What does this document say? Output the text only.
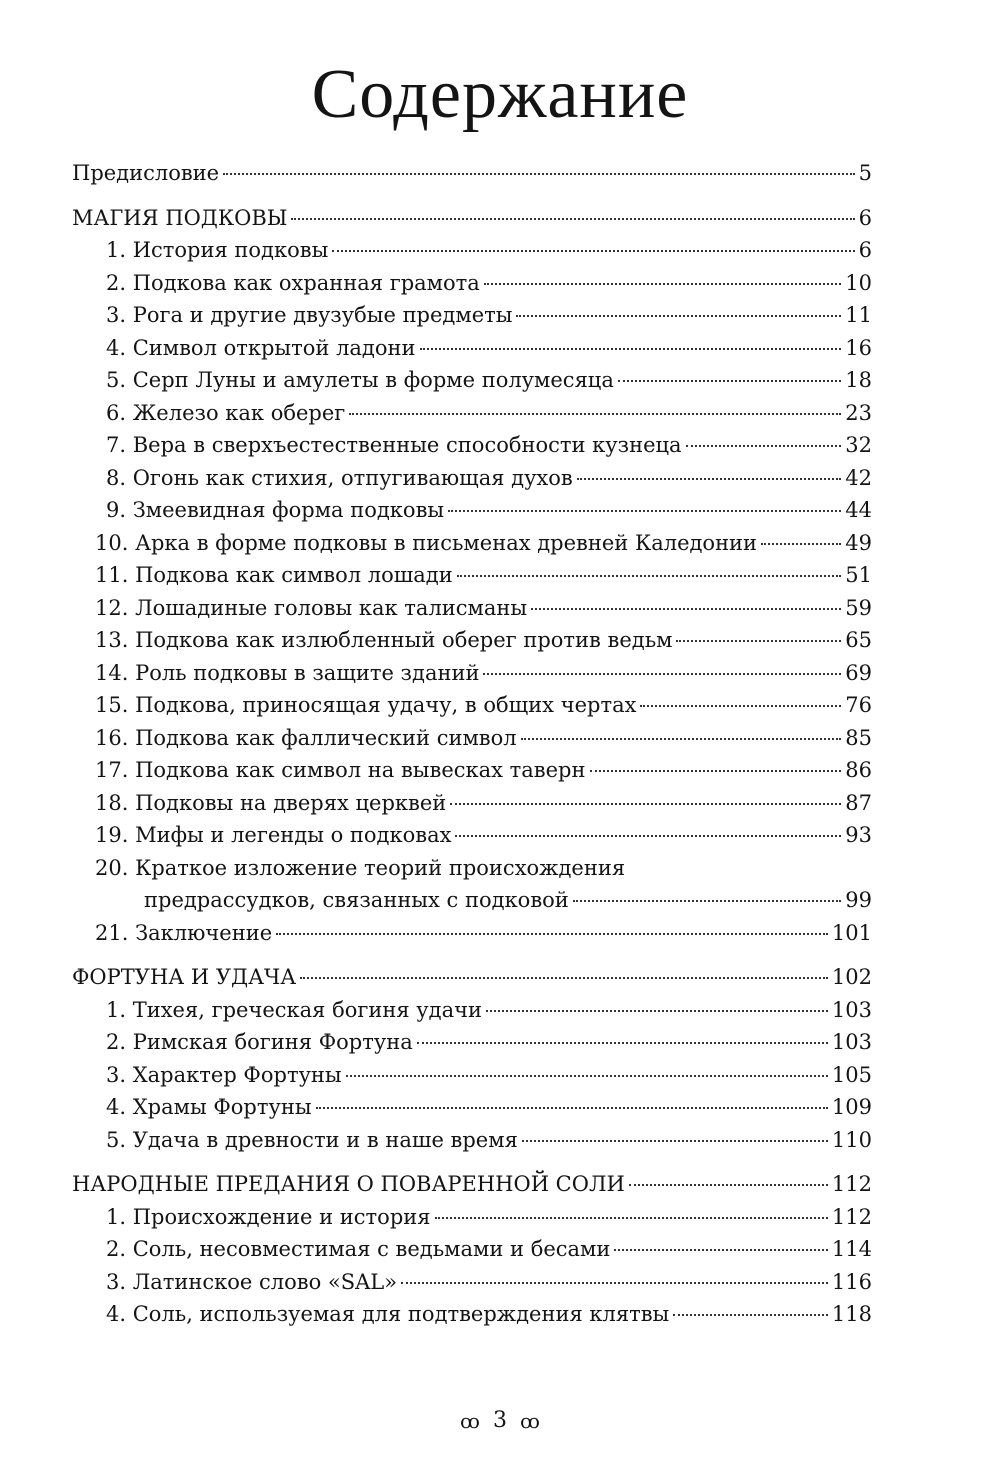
Содержание
Предисловие	5
МАГИЯ ПОДКОВЫ	6
1. История подковы	6
2. Подкова как охранная грамота	10
3. Рога и другие двузубые предметы	11
4. Символ открытой ладони	16
5. Серп Луны и амулеты в форме полумесяца	18
6. Железо как оберег	23
7. Вера в сверхъестественные способности кузнеца	32
8. Огонь как стихия, отпугивающая духов	42
9. Змеевидная форма подковы	44
10. Арка в форме подковы в письменах древней Каледонии	49
11. Подкова как символ лошади	51
12. Лошадиные головы как талисманы	59
13. Подкова как излюбленный оберег против ведьм	65
14. Роль подковы в защите зданий	69
15. Подкова, приносящая удачу, в общих чертах	76
16. Подкова как фаллический символ	85
17. Подкова как символ на вывесках таверн	86
18. Подковы на дверях церквей	87
19. Мифы и легенды о подковах	93
20. Краткое изложение теорий происхождения
предрассудков, связанных с подковой	99
21. Заключение	101
ФОРТУНА И УДАЧА	102
1. Тихея, греческая богиня удачи	103
2. Римская богиня Фортуна	103
3. Характер Фортуны	105
4. Храмы Фортуны	109
5. Удача в древности и в наше время	110
НАРОДНЫЕ ПРЕДАНИЯ О ПОВАРЕННОЙ СОЛИ	112
1. Происхождение и история	112
2. Соль, несовместимая с ведьмами и бесами	114
3. Латинское слово «SAL»	116
4. Соль, используемая для подтверждения клятвы	118
ꝏ 3 ꝏ
